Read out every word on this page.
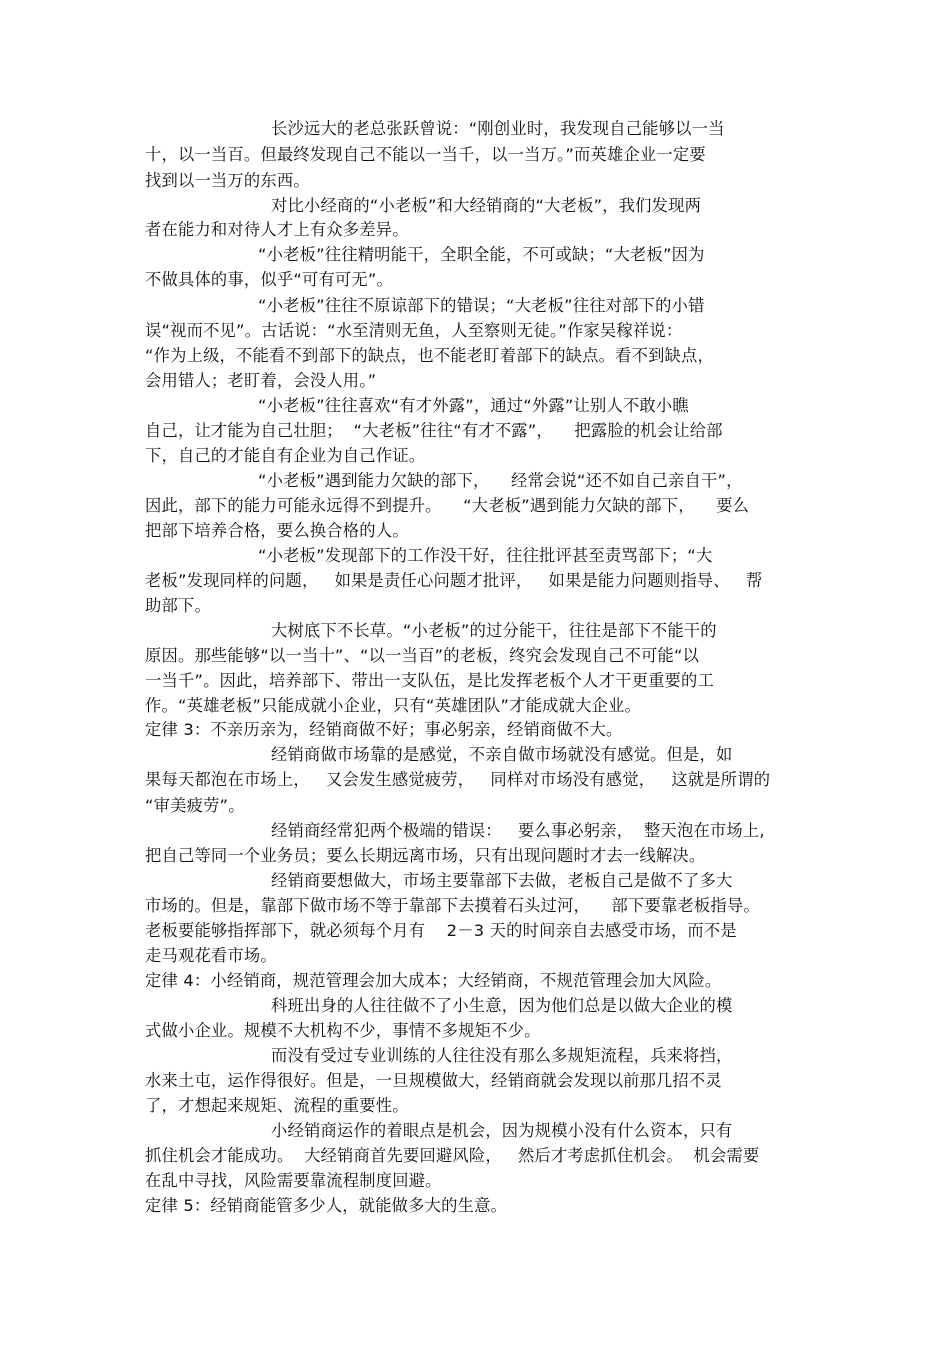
长沙远大的老总张跃曾说：“刚创业时，我发现自己能够以一当
十，以一当百。但最终发现自己不能以一当千，以一当万。”而英雄企业一定要
找到以一当万的东西。
对比小经商的“小老板”和大经销商的“大老板”，我们发现两
者在能力和对待人才上有众多差异。
“小老板”往往精明能干，全职全能，不可或缺；“大老板”因为
不做具体的事，似乎“可有可无”。
“小老板”往往不原谅部下的错误；“大老板”往往对部下的小错
误“视而不见”。古话说：“水至清则无鱼，人至察则无徒。”作家吴稼祥说：
“作为上级，不能看不到部下的缺点，也不能老盯着部下的缺点。看不到缺点，
会用错人；老盯着，会没人用。”
“小老板”往往喜欢“有才外露”，通过“外露”让别人不敢小瞧
自己，让才能为自己壮胆；  “大老板”往往“有才不露”，    把露脸的机会让给部
下，自己的才能自有企业为自己作证。
“小老板”遇到能力欠缺的部下，    经常会说“还不如自己亲自干”，
因此，部下的能力可能永远得不到提升。    “大老板”遇到能力欠缺的部下，    要么
把部下培养合格，要么换合格的人。
“小老板”发现部下的工作没干好，往往批评甚至责骂部下；“大
老板”发现同样的问题，   如果是责任心问题才批评，   如果是能力问题则指导、   帮
助部下。
大树底下不长草。“小老板”的过分能干，往往是部下不能干的
原因。那些能够“以一当十”、“以一当百”的老板，终究会发现自己不可能“以
一当千”。因此，培养部下、带出一支队伍，是比发挥老板个人才干更重要的工
作。“英雄老板”只能成就小企业，只有“英雄团队”才能成就大企业。
定律 3：不亲历亲为，经销商做不好；事必躬亲，经销商做不大。
经销商做市场靠的是感觉，不亲自做市场就没有感觉。但是，如
果每天都泡在市场上，   又会发生感觉疲劳，   同样对市场没有感觉，   这就是所谓的
“审美疲劳”。
经销商经常犯两个极端的错误：   要么事必躬亲，  整天泡在市场上,
把自己等同一个业务员；要么长期远离市场，只有出现问题时才去一线解决。
经销商要想做大，市场主要靠部下去做，老板自己是做不了多大
市场的。但是，靠部下做市场不等于靠部下去摸着石头过河，    部下要靠老板指导。
老板要能够指挥部下，就必须每个月有    2－3 天的时间亲自去感受市场，而不是
走马观花看市场。
定律 4：小经销商，规范管理会加大成本；大经销商，不规范管理会加大风险。
科班出身的人往往做不了小生意，因为他们总是以做大企业的模
式做小企业。规模不大机构不少，事情不多规矩不少。
而没有受过专业训练的人往往没有那么多规矩流程，兵来将挡，
水来土屯，运作得很好。但是，一旦规模做大，经销商就会发现以前那几招不灵
了，才想起来规矩、流程的重要性。
小经销商运作的着眼点是机会，因为规模小没有什么资本，只有
抓住机会才能成功。  大经销商首先要回避风险，   然后才考虑抓住机会。  机会需要
在乱中寻找，风险需要靠流程制度回避。
定律 5：经销商能管多少人，就能做多大的生意。
